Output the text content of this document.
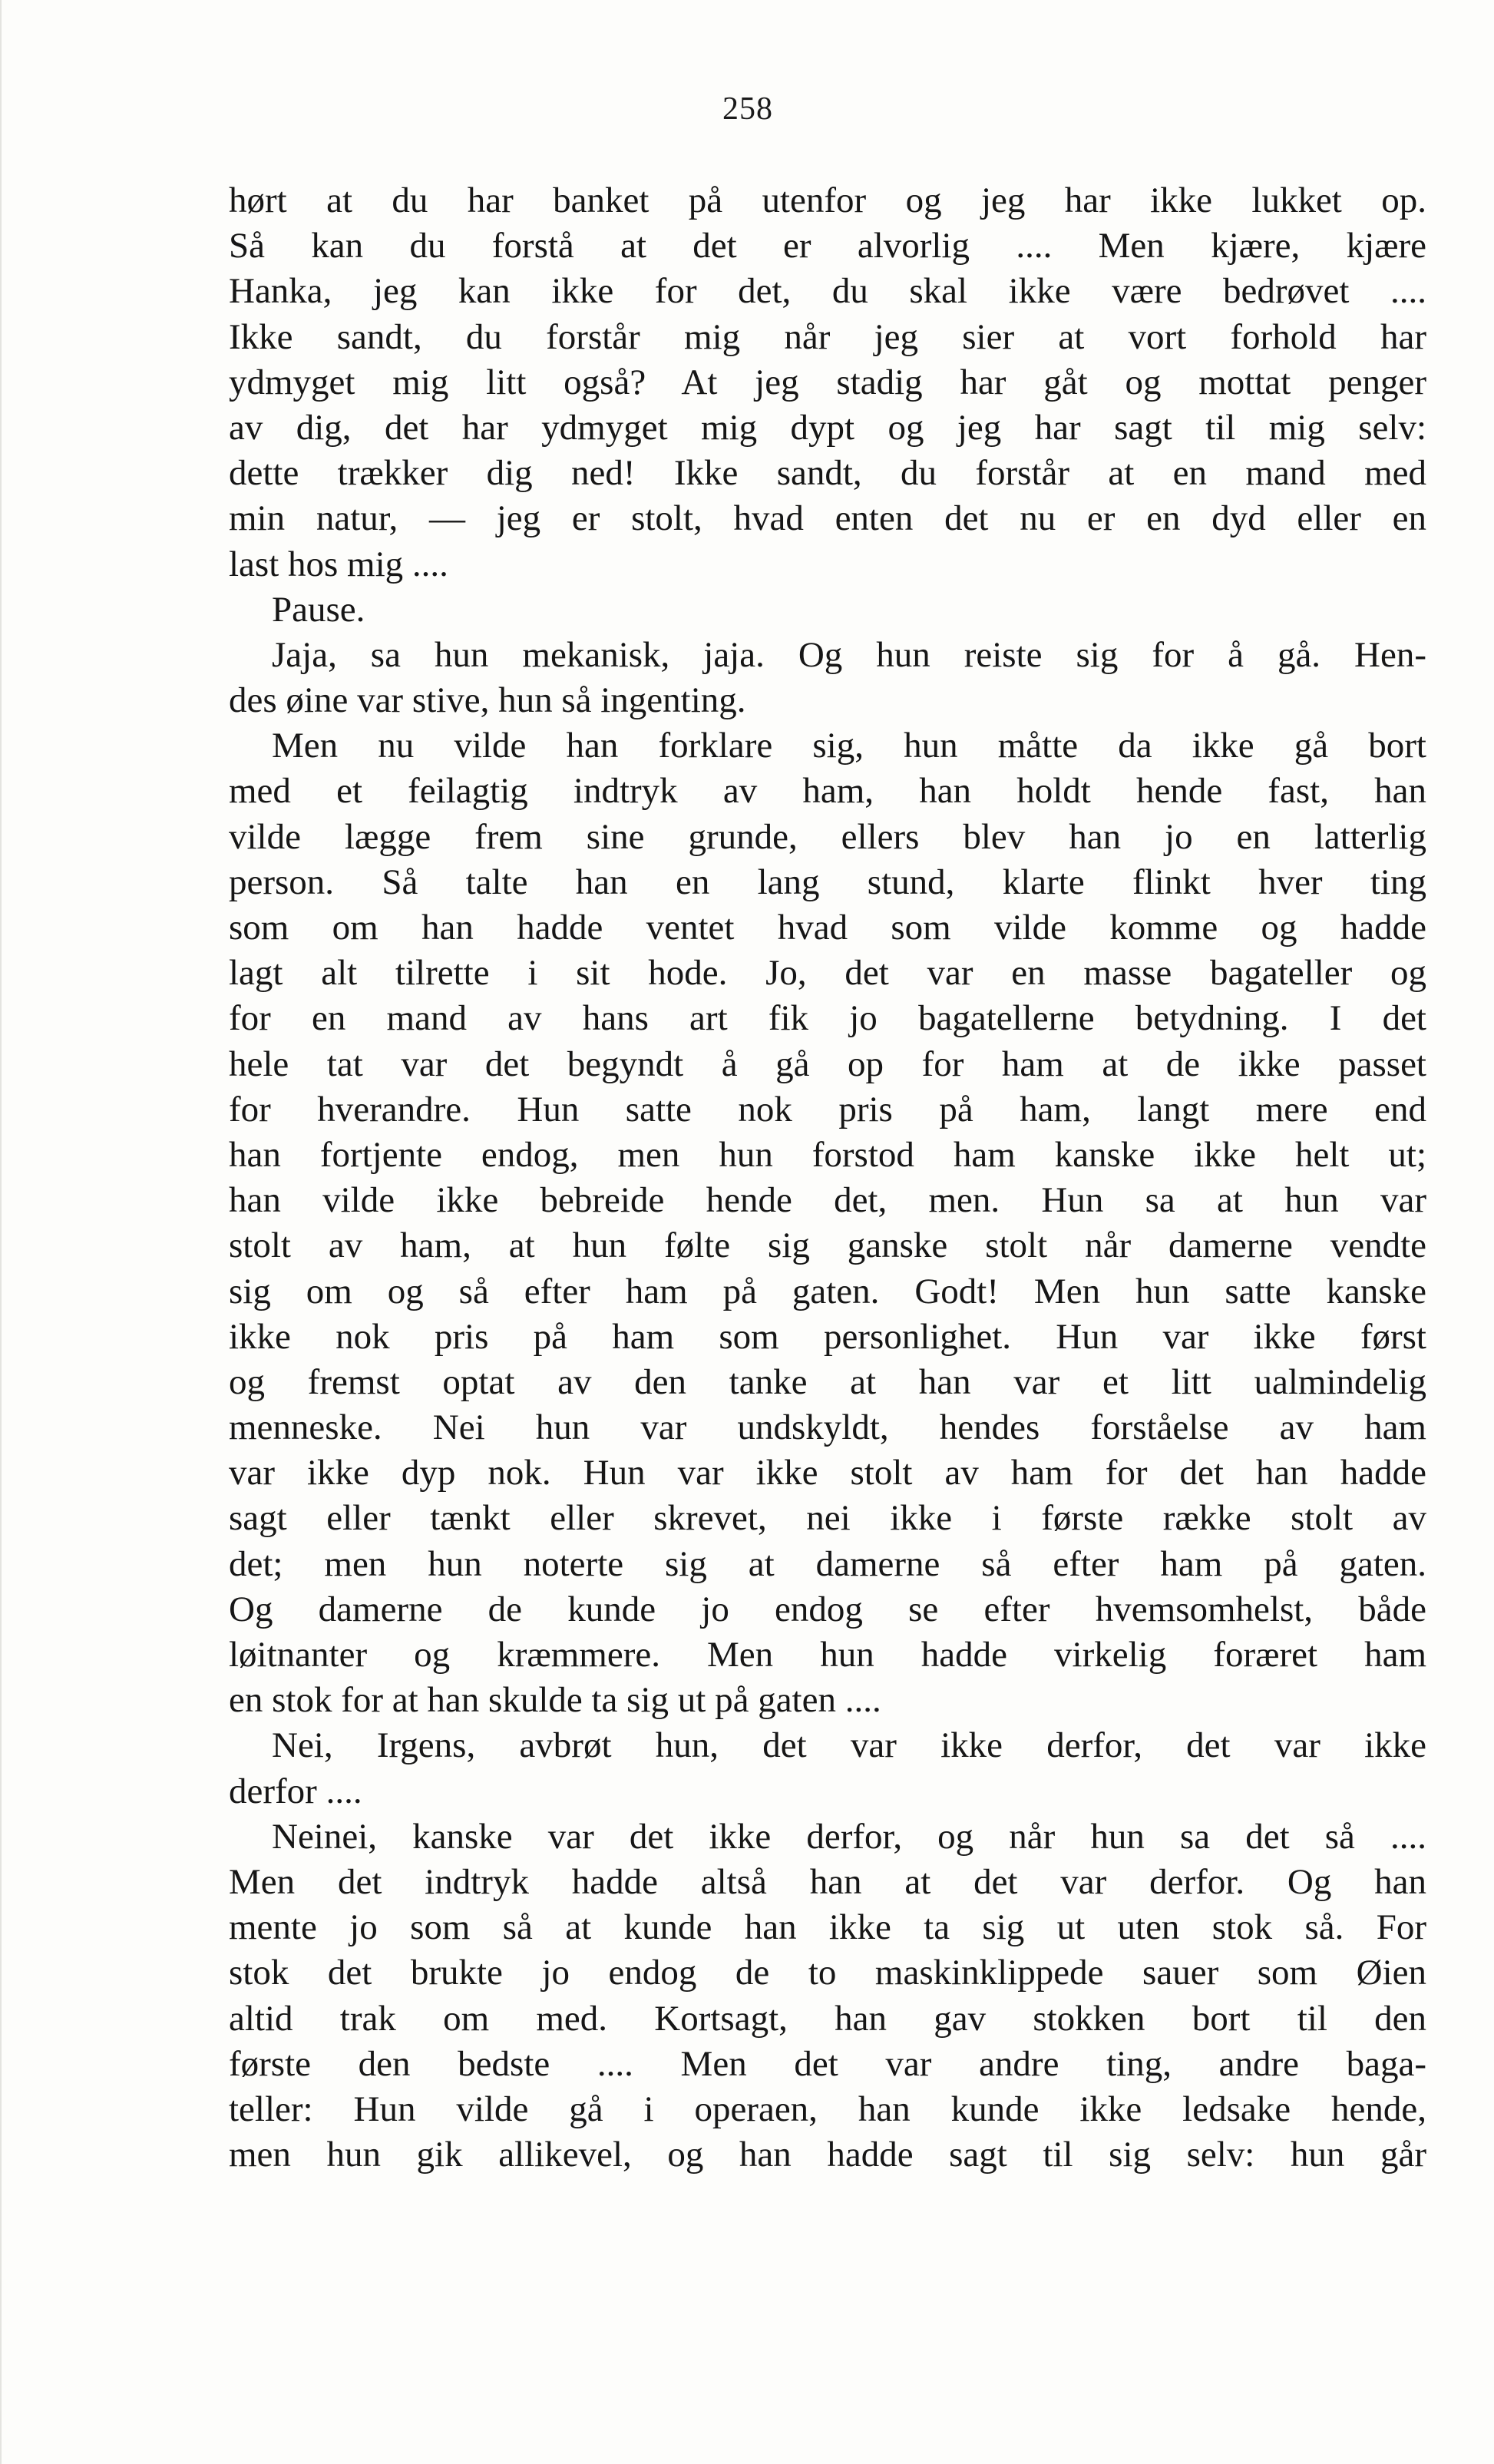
258
hørt at du har banket på utenfor og jeg har ikke lukket op.
Så kan du forstå at det er alvorlig .... Men kjære, kjære
Hanka, jeg kan ikke for det, du skal ikke være bedrøvet ....
Ikke sandt, du forstår mig når jeg sier at vort forhold har
ydmyget mig litt også? At jeg stadig har gåt og mottat penger
av dig, det har ydmyget mig dypt og jeg har sagt til mig selv:
dette trækker dig ned! Ikke sandt, du forstår at en mand med
min natur, — jeg er stolt, hvad enten det nu er en dyd eller en
last hos mig ....
Pause.
Jaja, sa hun mekanisk, jaja. Og hun reiste sig for å gå. Hen-
des øine var stive, hun så ingenting.
Men nu vilde han forklare sig, hun måtte da ikke gå bort
med et feilagtig indtryk av ham, han holdt hende fast, han
vilde lægge frem sine grunde, ellers blev han jo en latterlig
person. Så talte han en lang stund, klarte flinkt hver ting
som om han hadde ventet hvad som vilde komme og hadde
lagt alt tilrette i sit hode. Jo, det var en masse bagateller og
for en mand av hans art fik jo bagatellerne betydning. I det
hele tat var det begyndt å gå op for ham at de ikke passet
for hverandre. Hun satte nok pris på ham, langt mere end
han fortjente endog, men hun forstod ham kanske ikke helt ut;
han vilde ikke bebreide hende det, men. Hun sa at hun var
stolt av ham, at hun følte sig ganske stolt når damerne vendte
sig om og så efter ham på gaten. Godt! Men hun satte kanske
ikke nok pris på ham som personlighet. Hun var ikke først
og fremst optat av den tanke at han var et litt ualmindelig
menneske. Nei hun var undskyldt, hendes forståelse av ham
var ikke dyp nok. Hun var ikke stolt av ham for det han hadde
sagt eller tænkt eller skrevet, nei ikke i første række stolt av
det; men hun noterte sig at damerne så efter ham på gaten.
Og damerne de kunde jo endog se efter hvemsomhelst, både
løitnanter og kræmmere. Men hun hadde virkelig foræret ham
en stok for at han skulde ta sig ut på gaten ....
Nei, Irgens, avbrøt hun, det var ikke derfor, det var ikke
derfor ....
Neinei, kanske var det ikke derfor, og når hun sa det så ....
Men det indtryk hadde altså han at det var derfor. Og han
mente jo som så at kunde han ikke ta sig ut uten stok så. For
stok det brukte jo endog de to maskinklippede sauer som Øien
altid trak om med. Kortsagt, han gav stokken bort til den
første den bedste .... Men det var andre ting, andre baga-
teller: Hun vilde gå i operaen, han kunde ikke ledsake hende,
men hun gik allikevel, og han hadde sagt til sig selv: hun går
